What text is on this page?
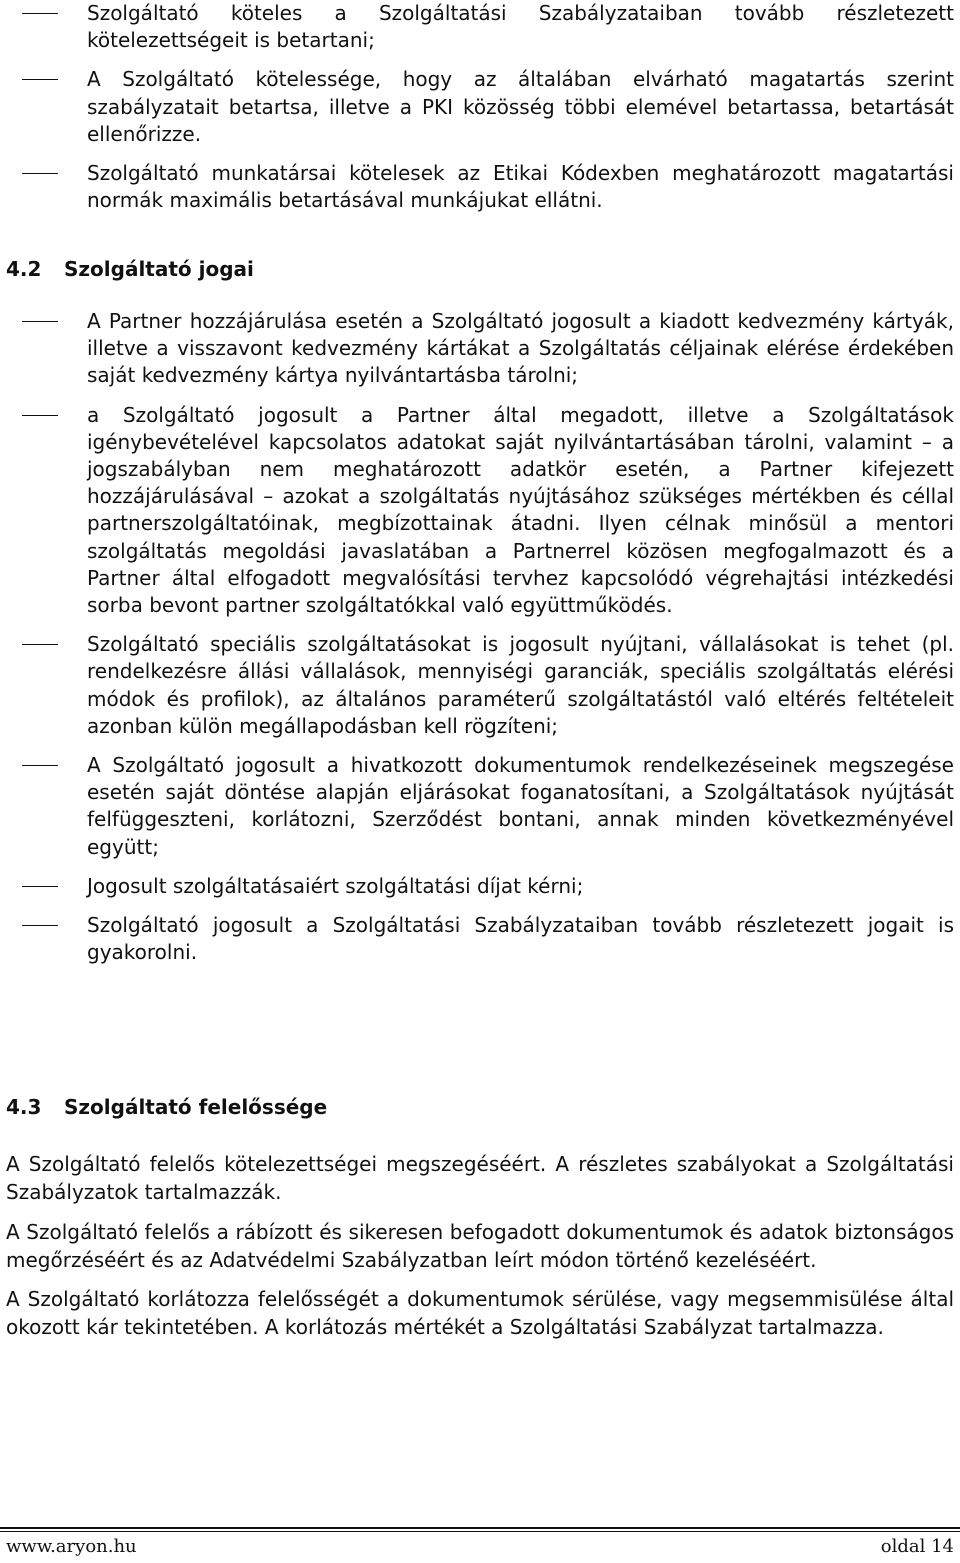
Szolgáltató köteles a Szolgáltatási Szabályzataiban tovább részletezett kötelezettségeit is betartani;
A Szolgáltató kötelessége, hogy az általában elvárható magatartás szerint szabályzatait betartsa, illetve a PKI közösség többi elemével betartassa, betartását ellenőrizze.
Szolgáltató munkatársai kötelesek az Etikai Kódexben meghatározott magatartási normák maximális betartásával munkájukat ellátni.
4.2 Szolgáltató jogai
A Partner hozzájárulása esetén a Szolgáltató jogosult a kiadott kedvezmény kártyák, illetve a visszavont kedvezmény kártákat a Szolgáltatás céljainak elérése érdekében saját kedvezmény kártya nyilvántartásba tárolni;
a Szolgáltató jogosult a Partner által megadott, illetve a Szolgáltatások igénybevételével kapcsolatos adatokat saját nyilvántartásában tárolni, valamint – a jogszabályban nem meghatározott adatkör esetén, a Partner kifejezett hozzájárulásával – azokat a szolgáltatás nyújtásához szükséges mértékben és céllal partnerszolgáltatóinak, megbízottainak átadni. Ilyen célnak minősül a mentori szolgáltatás megoldási javaslatában a Partnerrel közösen megfogalmazott és a Partner által elfogadott megvalósítási tervhez kapcsolódó végrehajtási intézkedési sorba bevont partner szolgáltatókkal való együttműködés.
Szolgáltató speciális szolgáltatásokat is jogosult nyújtani, vállalásokat is tehet (pl. rendelkezésre állási vállalások, mennyiségi garanciák, speciális szolgáltatás elérési módok és profilok), az általános paraméterű szolgáltatástól való eltérés feltételeit azonban külön megállapodásban kell rögzíteni;
A Szolgáltató jogosult a hivatkozott dokumentumok rendelkezéseinek megszegése esetén saját döntése alapján eljárásokat foganatosítani, a Szolgáltatások nyújtását felfüggeszteni, korlátozni, Szerződést bontani, annak minden következményével együtt;
Jogosult szolgáltatásaiért szolgáltatási díjat kérni;
Szolgáltató jogosult a Szolgáltatási Szabályzataiban tovább részletezett jogait is gyakorolni.
4.3 Szolgáltató felelőssége

A Szolgáltató felelős kötelezettségei megszegéséért. A részletes szabályokat a Szolgáltatási Szabályzatok tartalmazzák.

A Szolgáltató felelős a rábízott és sikeresen befogadott dokumentumok és adatok biztonságos megőrzéséért és az Adatvédelmi Szabályzatban leírt módon történő kezeléséért.

A Szolgáltató korlátozza felelősségét a dokumentumok sérülése, vagy megsemmisülése által okozott kár tekintetében. A korlátozás mértékét a Szolgáltatási Szabályzat tartalmazza.

www.aryon.hu	oldal 14
